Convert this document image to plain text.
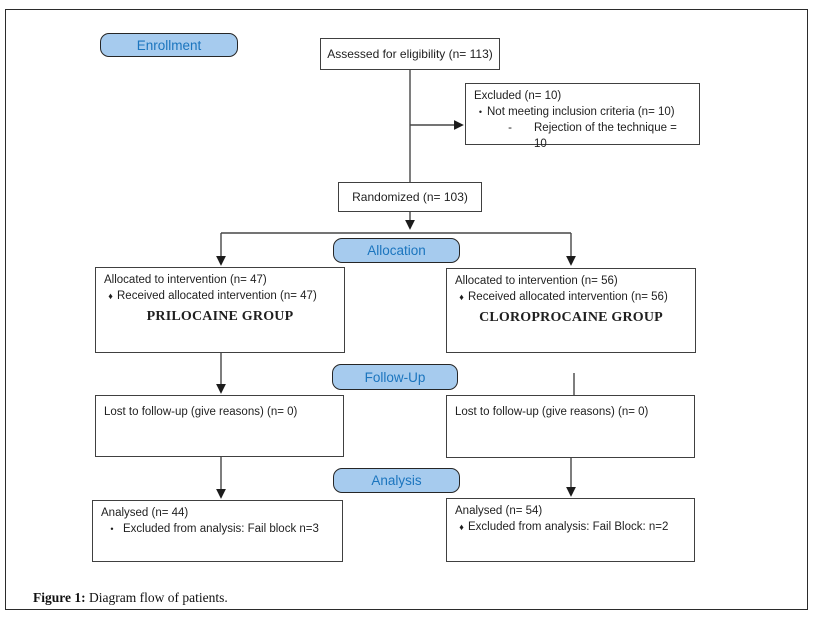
Enrollment
Allocation
Follow-Up
Analysis
Assessed for eligibility (n= 113)
Excluded (n= 10)
• Not meeting inclusion criteria (n= 10)
- Rejection of the technique = 10
Randomized (n= 103)
Allocated to intervention (n= 47)
♦ Received allocated intervention (n= 47)
PRILOCAINE GROUP
Allocated to intervention (n= 56)
♦ Received allocated intervention (n= 56)
CLOROPROCAINE GROUP
Lost to follow-up (give reasons) (n= 0)	Lost to follow-up (give reasons) (n= 0)
Analysed (n= 44)
• Excluded from analysis: Fail block n=3
Analysed (n= 54)
♦ Excluded from analysis: Fail Block: n=2
Figure 1: Diagram flow of patients.
